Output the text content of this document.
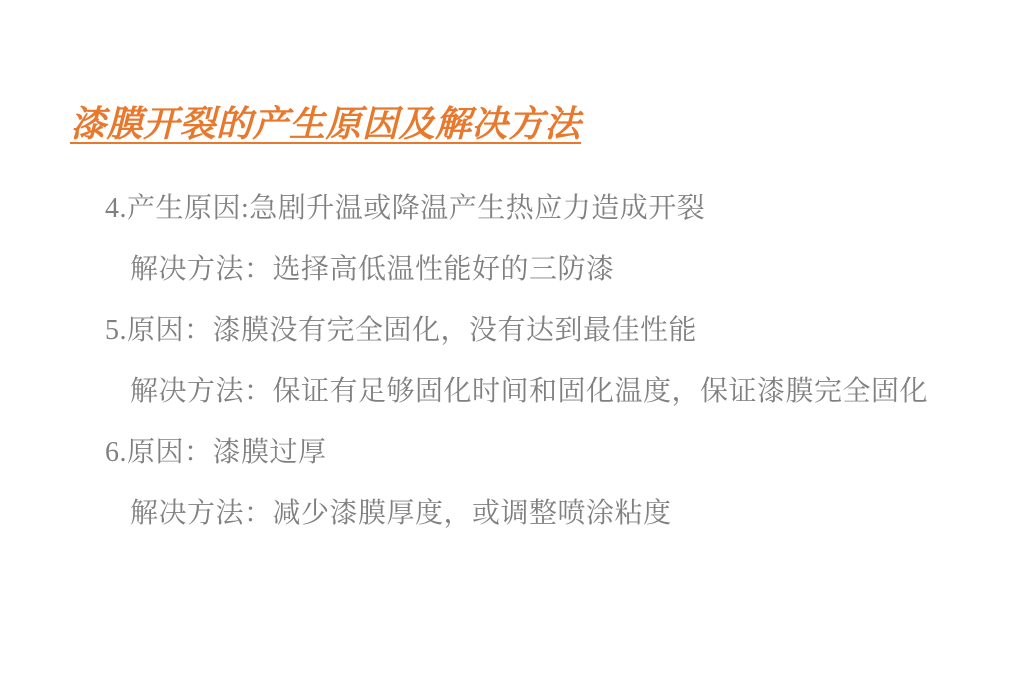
漆膜开裂的产生原因及解决方法
4.产生原因:急剧升温或降温产生热应力造成开裂
解决方法：选择高低温性能好的三防漆
5.原因：漆膜没有完全固化，没有达到最佳性能
解决方法：保证有足够固化时间和固化温度，保证漆膜完全固化
6.原因：漆膜过厚
解决方法：减少漆膜厚度，或调整喷涂粘度
